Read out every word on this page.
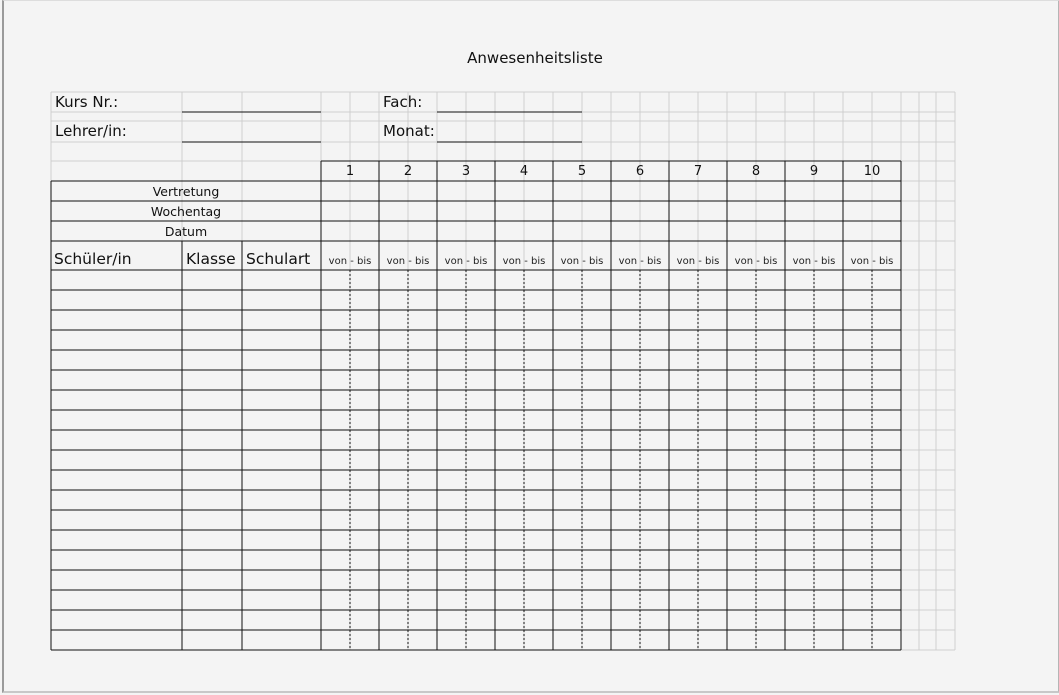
Anwesenheitsliste
Kurs Nr.:
Lehrer/in:
Fach:
Monat:
Vertretung
Wochentag
Datum
Schüler/in	Klasse Schulart
1
von - bis
2
von - bis
3
von - bis
4
von - bis
5
von - bis
6
von - bis
7
von - bis
8
von - bis
9
von - bis
10
von - bis
